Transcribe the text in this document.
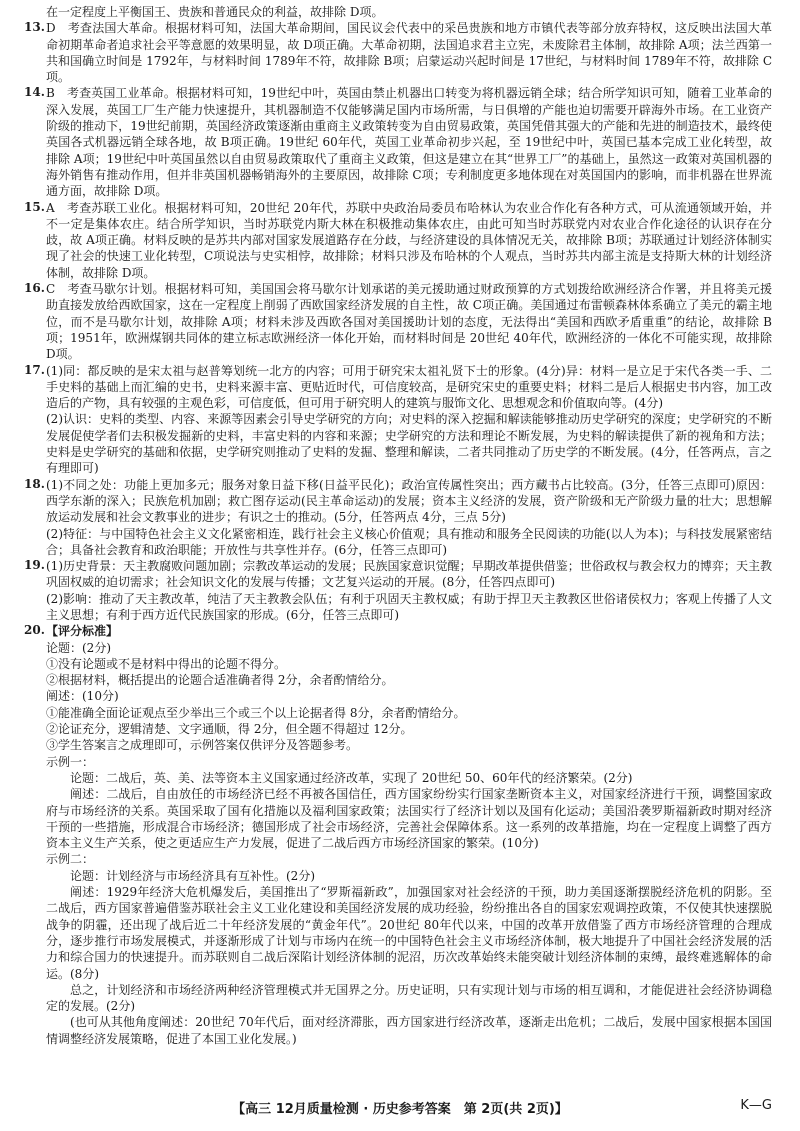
在一定程度上平衡国王、贵族和普通民众的利益，故排除 D项。

13. D　考查法国大革命。根据材料可知，法国大革命期间，国民议会代表中的采邑贵族和地方市镇代表等部分放弃特权，这反映出法国大革命初期革命者追求社会平等意愿的效果明显，故 D项正确。大革命初期，法国追求君主立宪，未废除君主体制，故排除 A项；法兰西第一共和国确立时间是 1792年，与材料时间 1789年不符，故排除 B项；启蒙运动兴起时间是 17世纪，与材料时间 1789年不符，故排除 C项。

14. B　考查英国工业革命。根据材料可知，19世纪中叶，英国由禁止机器出口转变为将机器远销全球；结合所学知识可知，随着工业革命的深入发展，英国工厂生产能力快速提升，其机器制造不仅能够满足国内市场所需，与日俱增的产能也迫切需要开辟海外市场。在工业资产阶级的推动下，19世纪前期，英国经济政策逐渐由重商主义政策转变为自由贸易政策，英国凭借其强大的产能和先进的制造技术，最终使英国各式机器远销全球各地，故 B项正确。19世纪 60年代，英国工业革命初步兴起，至 19世纪中叶，英国已基本完成工业化转型，故排除 A项；19世纪中叶英国虽然以自由贸易政策取代了重商主义政策，但这是建立在其“世界工厂”的基础上，虽然这一政策对英国机器的海外销售有推动作用，但并非英国机器畅销海外的主要原因，故排除 C项；专利制度更多地体现在对英国国内的影响，而非机器在世界流通方面，故排除 D项。

15. A　考查苏联工业化。根据材料可知，20世纪 20年代，苏联中央政治局委员布哈林认为农业合作化有各种方式，可从流通领域开始，并不一定是集体农庄。结合所学知识，当时苏联党内斯大林在积极推动集体农庄，由此可知当时苏联党内对农业合作化途径的认识存在分歧，故 A项正确。材料反映的是苏共内部对国家发展道路存在分歧，与经济建设的具体情况无关，故排除 B项；苏联通过计划经济体制实现了社会的快速工业化转型，C项说法与史实相悖，故排除；材料只涉及布哈林的个人观点，当时苏共内部主流是支持斯大林的计划经济体制，故排除 D项。

16. C　考查马歇尔计划。根据材料可知，美国国会将马歇尔计划承诺的美元援助通过财政预算的方式划拨给欧洲经济合作署，并且将美元援助直接发放给西欧国家，这在一定程度上削弱了西欧国家经济发展的自主性，故 C项正确。美国通过布雷顿森林体系确立了美元的霸主地位，而不是马歇尔计划，故排除 A项；材料未涉及西欧各国对美国援助计划的态度，无法得出“美国和西欧矛盾重重”的结论，故排除 B项；1951年，欧洲煤钢共同体的建立标志欧洲经济一体化开始，而材料时间是 20世纪 40年代，欧洲经济的一体化不可能实现，故排除 D项。

17. (1)同：都反映的是宋太祖与赵普筹划统一北方的内容；可用于研究宋太祖礼贤下士的形象。(4分)异：材料一是立足于宋代各类一手、二手史料的基础上而汇编的史书，史料来源丰富、更贴近时代，可信度较高，是研究宋史的重要史料；材料二是后人根据史书内容，加工改造后的产物，具有较强的主观色彩，可信度低，但可用于研究明人的建筑与服饰文化、思想观念和价值取向等。(4分)

(2)认识：史料的类型、内容、来源等因素会引导史学研究的方向；对史料的深入挖掘和解读能够推动历史学研究的深度；史学研究的不断发展促使学者们去积极发掘新的史料，丰富史料的内容和来源；史学研究的方法和理论不断发展，为史料的解读提供了新的视角和方法；史料是史学研究的基础和依据，史学研究则推动了史料的发掘、整理和解读，二者共同推动了历史学的不断发展。(4分，任答两点，言之有理即可)

18. (1)不同之处：功能上更加多元；服务对象日益下移(日益平民化)；政治宣传属性突出；西方藏书占比较高。(3分，任答三点即可)原因：西学东渐的深入；民族危机加剧；救亡图存运动(民主革命运动)的发展；资本主义经济的发展，资产阶级和无产阶级力量的壮大；思想解放运动发展和社会文教事业的进步；有识之士的推动。(5分，任答两点 4分，三点 5分)

(2)特征：与中国特色社会主义文化紧密相连，践行社会主义核心价值观；具有推动和服务全民阅读的功能(以人为本)；与科技发展紧密结合；具备社会教育和政治职能；开放性与共享性并存。(6分，任答三点即可)

19. (1)历史背景：天主教腐败问题加剧；宗教改革运动的发展；民族国家意识觉醒；早期改革提供借鉴；世俗政权与教会权力的博弈；天主教巩固权威的迫切需求；社会知识文化的发展与传播；文艺复兴运动的开展。(8分，任答四点即可)

(2)影响：推动了天主教改革，纯洁了天主教教会队伍；有利于巩固天主教权威；有助于捍卫天主教教区世俗诸侯权力；客观上传播了人文主义思想；有利于西方近代民族国家的形成。(6分，任答三点即可)

20. 【评分标准】

论题：(2分)

①没有论题或不是材料中得出的论题不得分。

②根据材料，概括提出的论题合适准确者得 2分，余者酌情给分。

阐述：(10分)

①能准确全面论证观点至少举出三个或三个以上论据者得 8分，余者酌情给分。

②论证充分，逻辑清楚、文字通顺，得 2分，但全题不得超过 12分。

③学生答案言之成理即可，示例答案仅供评分及答题参考。

示例一：

论题：二战后，英、美、法等资本主义国家通过经济改革，实现了 20世纪 50、60年代的经济繁荣。(2分)

阐述：二战后，自由放任的市场经济已经不再被各国信任，西方国家纷纷实行国家垄断资本主义，对国家经济进行干预，调整国家政府与市场经济的关系。英国采取了国有化措施以及福利国家政策；法国实行了经济计划以及国有化运动；美国沿袭罗斯福新政时期对经济干预的一些措施，形成混合市场经济；德国形成了社会市场经济，完善社会保障体系。这一系列的改革措施，均在一定程度上调整了西方资本主义生产关系，使之更适应生产力发展，促进了二战后西方市场经济国家的繁荣。(10分)

示例二：

论题：计划经济与市场经济具有互补性。(2分)

阐述：1929年经济大危机爆发后，美国推出了“罗斯福新政”，加强国家对社会经济的干预，助力美国逐渐摆脱经济危机的阴影。至二战后，西方国家普遍借鉴苏联社会主义工业化建设和美国经济发展的成功经验，纷纷推出各自的国家宏观调控政策，不仅使其快速摆脱战争的阴霾，还出现了战后近二十年经济发展的“黄金年代”。20世纪 80年代以来，中国的改革开放借鉴了西方市场经济管理的合理成分，逐步推行市场发展模式，并逐渐形成了计划与市场内在统一的中国特色社会主义市场经济体制，极大地提升了中国社会经济发展的活力和综合国力的快速提升。而苏联则自二战后深陷计划经济体制的泥沼，历次改革始终未能突破计划经济体制的束缚，最终难逃解体的命运。(8分)

总之，计划经济和市场经济两种经济管理模式并无国界之分。历史证明，只有实现计划与市场的相互调和，才能促进社会经济协调稳定的发展。(2分)

(也可从其他角度阐述：20世纪 70年代后，面对经济滞胀，西方国家进行经济改革，逐渐走出危机；二战后，发展中国家根据本国国情调整经济发展策略，促进了本国工业化发展。)

【高三 12月质量检测 · 历史参考答案　第 2页(共 2页)】	K—G
